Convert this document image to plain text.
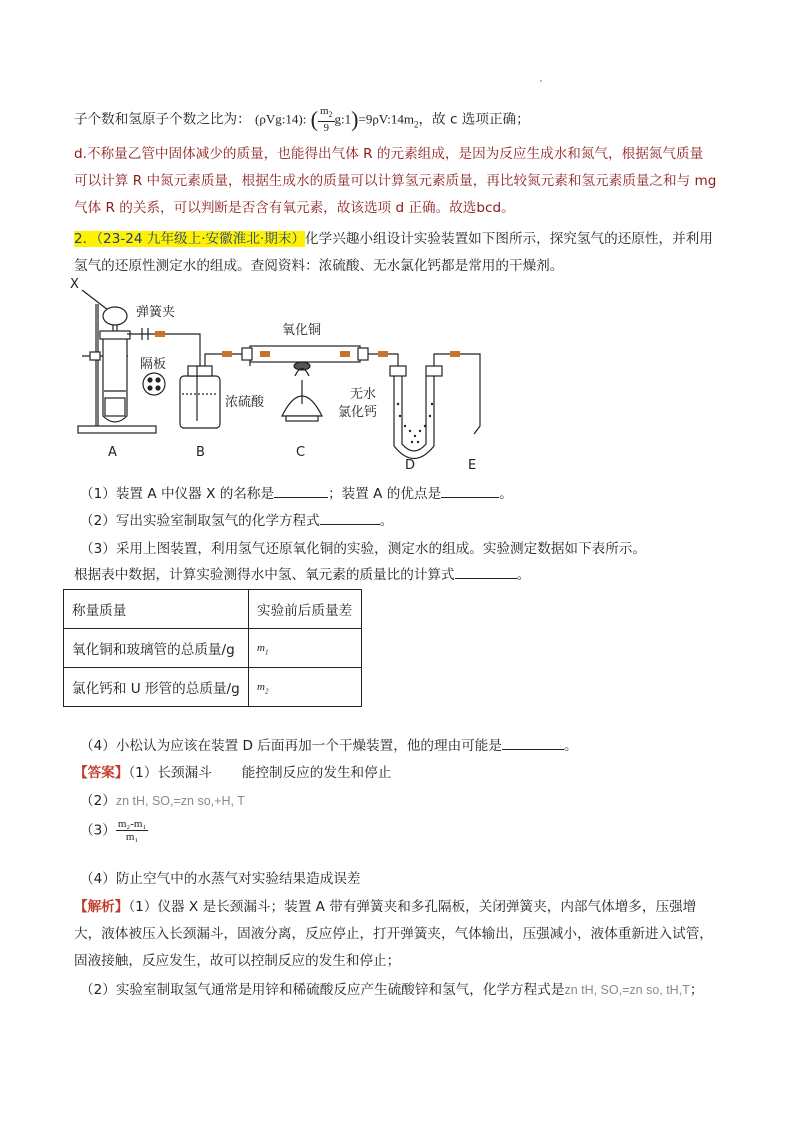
子个数和氢原子个数之比为： (ρVg:14): ( $\frac{m_2}{9}$ $g:1)=9\rho V:14m_2$，故 c 选项正确；
d.不称量乙管中固体减少的质量，也能得出气体 R 的元素组成，是因为反应生成水和氮气，根据氮气质量
可以计算 R 中氮元素质量，根据生成水的质量可以计算氢元素质量，再比较氮元素和氢元素质量之和与 mg
气体 R 的关系，可以判断是否含有氧元素，故该选项 d 正确。故选bcd。
2．（23-24 九年级上·安徽淮北·期末）化学兴趣小组设计实验装置如下图所示，探究氢气的还原性，并利用
氢气的还原性测定水的组成。查阅资料：浓硫酸、无水氯化钙都是常用的干燥剂。
X
弹簧夹
隔板
氧化铜
浓硫酸
无水
氯化钙
A	B	C
D	E
（1）装置 A 中仪器 X 的名称是	；装置 A 的优点是	。
（2）写出实验室制取氢气的化学方程式	。
（3）采用上图装置，利用氢气还原氧化铜的实验，测定水的组成。实验测定数据如下表所示。
根据表中数据，计算实验测得水中氢、氧元素的质量比的计算式	。
称量质量	实验前后质量差
氧化铜和玻璃管的总质量/g	$m_1$
氯化钙和 U 形管的总质量/g	$m_2$
（4）小松认为应该在装置 D 后面再加一个干燥装置，他的理由可能是	。
【答案】（1）长颈漏斗 能控制反应的发生和停止
（2）zn tH, SO,=zn so,+H, T
$(3) \frac{\text{m₂-m₁}}{\text{m₁}}$
（4）防止空气中的水蒸气对实验结果造成误差
【解析】（1）仪器 X 是长颈漏斗；装置 A 带有弹簧夹和多孔隔板，关闭弹簧夹，内部气体增多，压强增
大，液体被压入长颈漏斗，固液分离，反应停止，打开弹簧夹，气体输出，压强减小，液体重新进入试管，
固液接触，反应发生，故可以控制反应的发生和停止；
（2）实验室制取氢气通常是用锌和稀硫酸反应产生硫酸锌和氢气，化学方程式是zn tH, SO,=zn so, tH,T；
